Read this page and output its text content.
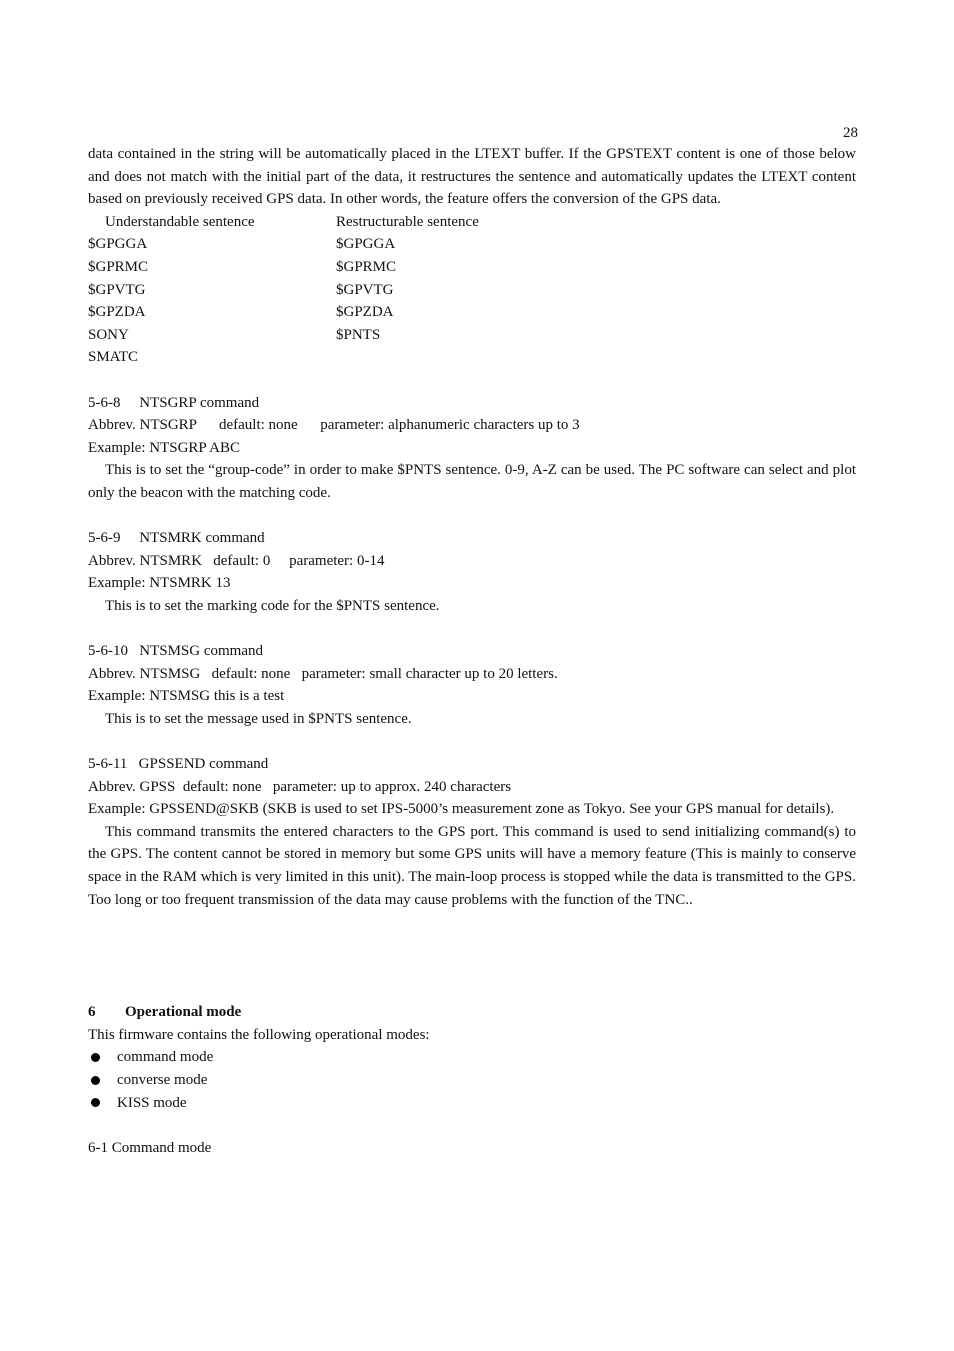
28

data contained in the string will be automatically placed in the LTEXT buffer. If the GPSTEXT content is one of those below and does not match with the initial part of the data, it restructures the sentence and automatically updates the LTEXT content based on previously received GPS data. In other words, the feature offers the conversion of the GPS data.

Understandable sentence	Restructurable sentence
$GPGGA	$GPGGA
$GPRMC	$GPRMC
$GPVTG	$GPVTG
$GPZDA	$GPZDA
SONY	$PNTS
SMATC

5-6-8     NTSGRP command

Abbrev. NTSGRP      default: none      parameter: alphanumeric characters up to 3

Example: NTSGRP ABC

This is to set the “group-code” in order to make $PNTS sentence. 0-9, A-Z can be used. The PC software can select and plot only the beacon with the matching code.

5-6-9     NTSMRK command

Abbrev. NTSMRK   default: 0     parameter: 0-14

Example: NTSMRK 13

This is to set the marking code for the $PNTS sentence.

5-6-10   NTSMSG command

Abbrev. NTSMSG   default: none   parameter: small character up to 20 letters.

Example: NTSMSG this is a test

This is to set the message used in $PNTS sentence.

5-6-11   GPSSEND command

Abbrev. GPSS  default: none   parameter: up to approx. 240 characters

Example: GPSSEND@SKB (SKB is used to set IPS-5000’s measurement zone as Tokyo. See your GPS manual for details).

This command transmits the entered characters to the GPS port. This command is used to send initializing command(s) to the GPS. The content cannot be stored in memory but some GPS units will have a memory feature (This is mainly to conserve space in the RAM which is very limited in this unit). The main-loop process is stopped while the data is transmitted to the GPS. Too long or too frequent transmission of the data may cause problems with the function of the TNC..

6 Operational mode

This firmware contains the following operational modes:

command mode
converse mode
KISS mode

6-1 Command mode
